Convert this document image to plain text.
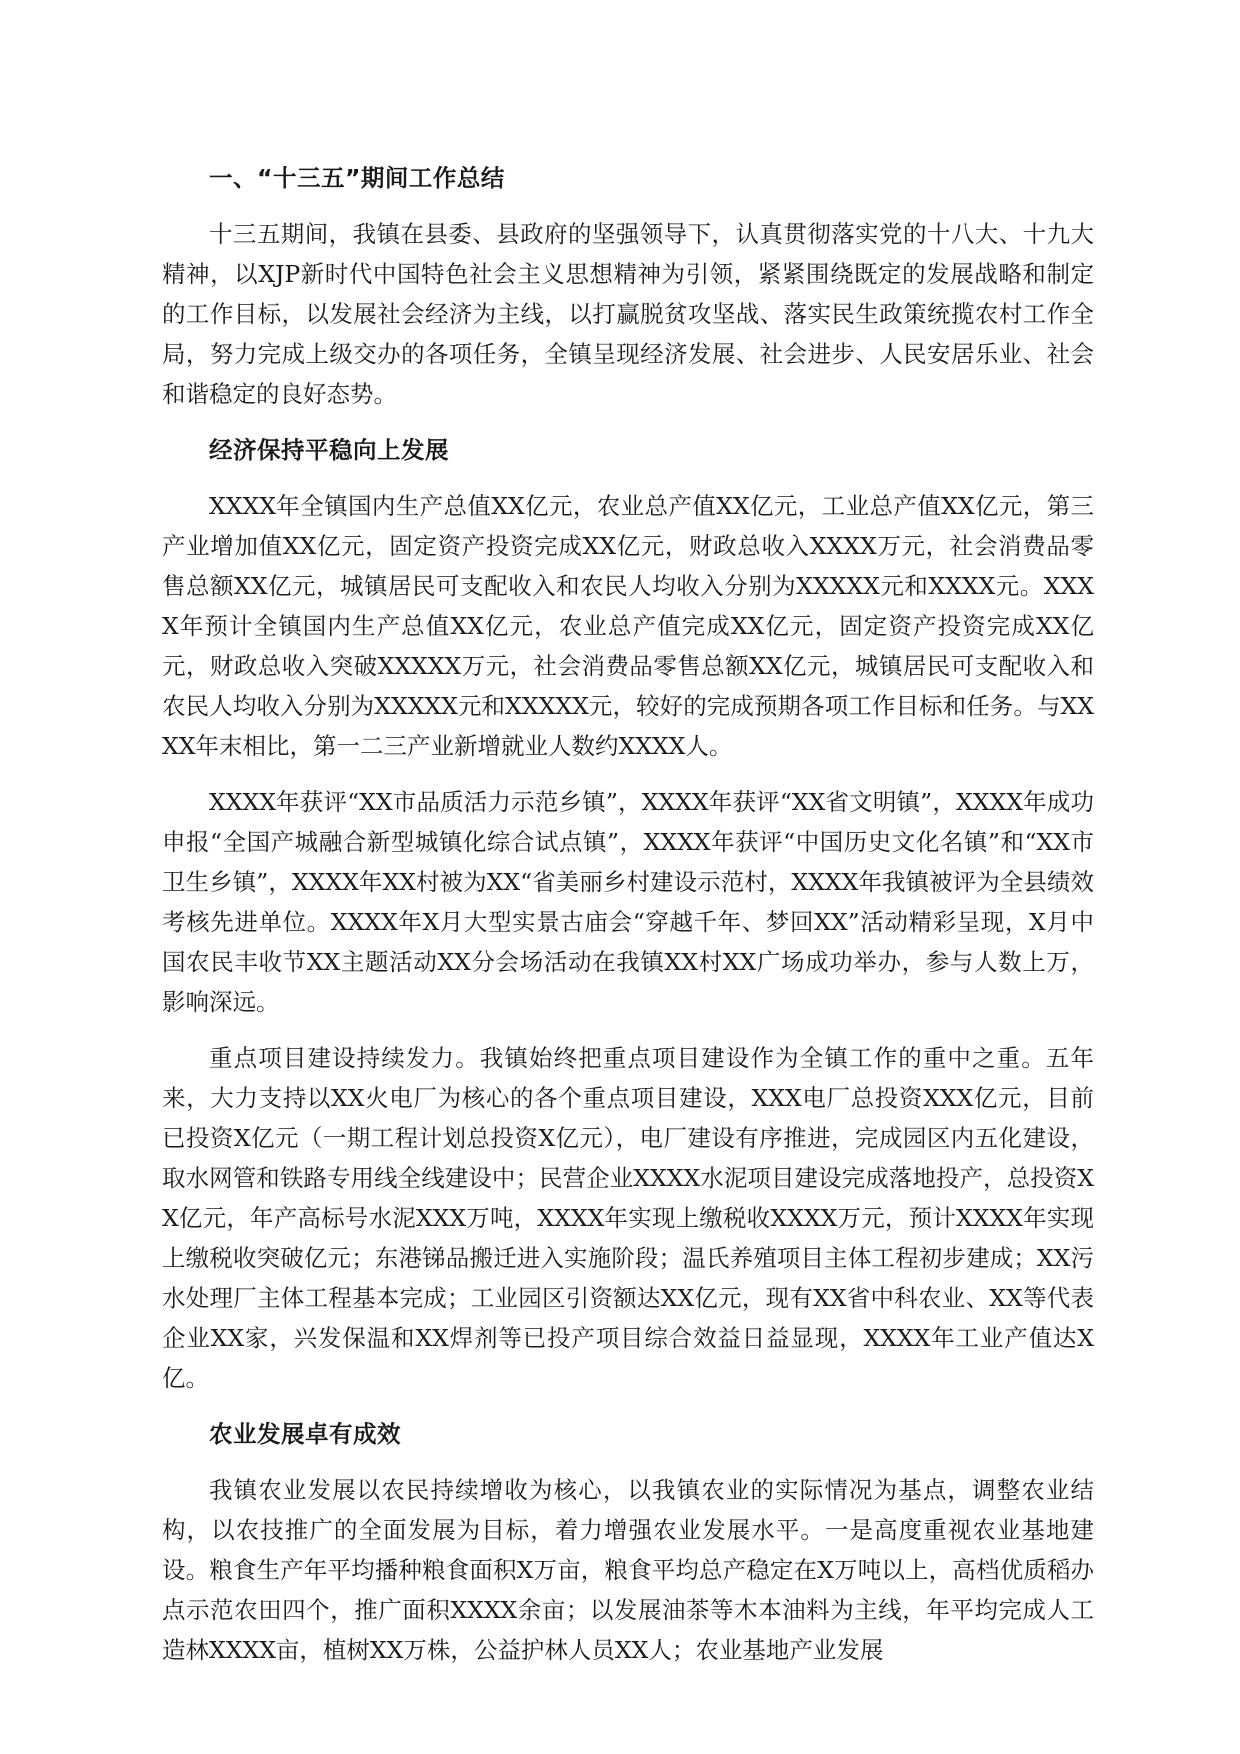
一、“十三五”期间工作总结

十三五期间，我镇在县委、县政府的坚强领导下，认真贯彻落实党的十八大、十九大精神，以XJP新时代中国特色社会主义思想精神为引领，紧紧围绕既定的发展战略和制定的工作目标，以发展社会经济为主线，以打赢脱贫攻坚战、落实民生政策统揽农村工作全局，努力完成上级交办的各项任务，全镇呈现经济发展、社会进步、人民安居乐业、社会和谐稳定的良好态势。

经济保持平稳向上发展

XXXX年全镇国内生产总值XX亿元，农业总产值XX亿元，工业总产值XX亿元，第三产业增加值XX亿元，固定资产投资完成XX亿元，财政总收入XXXX万元，社会消费品零售总额XX亿元，城镇居民可支配收入和农民人均收入分别为XXXXX元和XXXX元。XXXX年预计全镇国内生产总值XX亿元，农业总产值完成XX亿元，固定资产投资完成XX亿元，财政总收入突破XXXXX万元，社会消费品零售总额XX亿元，城镇居民可支配收入和农民人均收入分别为XXXXX元和XXXXX元，较好的完成预期各项工作目标和任务。与XXXX年末相比，第一二三产业新增就业人数约XXXX人。

XXXX年获评“XX市品质活力示范乡镇”，XXXX年获评“XX省文明镇”，XXXX年成功申报“全国产城融合新型城镇化综合试点镇”，XXXX年获评“中国历史文化名镇”和“XX市卫生乡镇”，XXXX年XX村被为XX“省美丽乡村建设示范村，XXXX年我镇被评为全县绩效考核先进单位。XXXX年X月大型实景古庙会“穿越千年、梦回XX”活动精彩呈现，X月中国农民丰收节XX主题活动XX分会场活动在我镇XX村XX广场成功举办，参与人数上万，影响深远。

重点项目建设持续发力。我镇始终把重点项目建设作为全镇工作的重中之重。五年来，大力支持以XX火电厂为核心的各个重点项目建设，XXX电厂总投资XXX亿元，目前已投资X亿元（一期工程计划总投资X亿元），电厂建设有序推进，完成园区内五化建设，取水网管和铁路专用线全线建设中；民营企业XXXX水泥项目建设完成落地投产，总投资XX亿元，年产高标号水泥XXX万吨，XXXX年实现上缴税收XXXX万元，预计XXXX年实现上缴税收突破亿元；东港锑品搬迁进入实施阶段；温氏养殖项目主体工程初步建成；XX污水处理厂主体工程基本完成；工业园区引资额达XX亿元，现有XX省中科农业、XX等代表企业XX家，兴发保温和XX焊剂等已投产项目综合效益日益显现，XXXX年工业产值达X亿。

农业发展卓有成效

我镇农业发展以农民持续增收为核心，以我镇农业的实际情况为基点，调整农业结构，以农技推广的全面发展为目标，着力增强农业发展水平。一是高度重视农业基地建设。粮食生产年平均播种粮食面积X万亩，粮食平均总产稳定在X万吨以上，高档优质稻办点示范农田四个，推广面积XXXX余亩；以发展油茶等木本油料为主线，年平均完成人工造林XXXX亩，植树XX万株，公益护林人员XX人；农业基地产业发展
